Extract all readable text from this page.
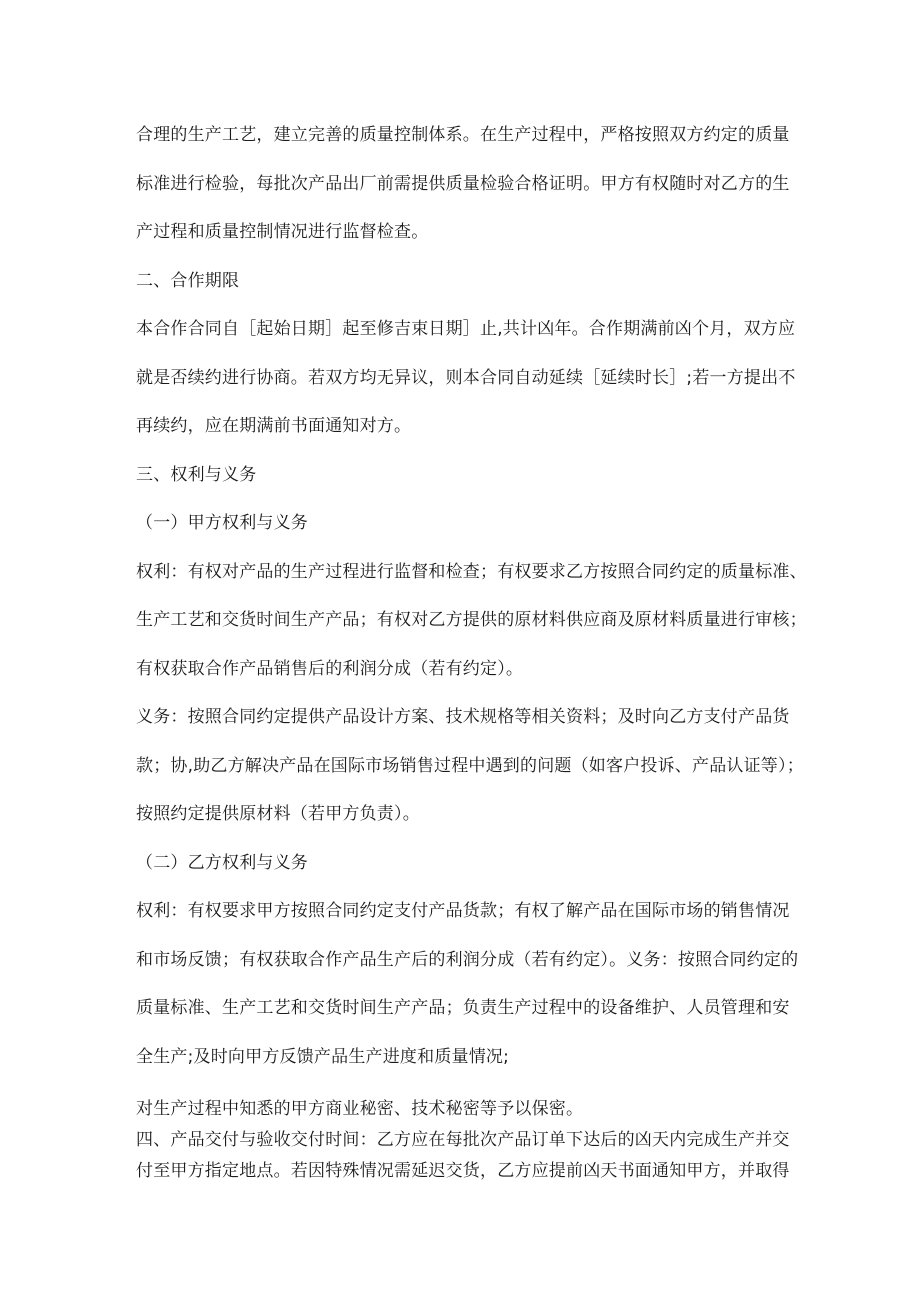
合理的生产工艺，建立完善的质量控制体系。在生产过程中，严格按照双方约定的质量
标准进行检验，每批次产品出厂前需提供质量检验合格证明。甲方有权随时对乙方的生
产过程和质量控制情况进行监督检查。
二、合作期限
本合作合同自［起始日期］起至修吉束日期］止,共计凶年。合作期满前凶个月，双方应
就是否续约进行协商。若双方均无异议，则本合同自动延续［延续时长］;若一方提出不
再续约，应在期满前书面通知对方。
三、权利与义务
（一）甲方权利与义务
权利：有权对产品的生产过程进行监督和检查；有权要求乙方按照合同约定的质量标准、
生产工艺和交货时间生产产品；有权对乙方提供的原材料供应商及原材料质量进行审核；
有权获取合作产品销售后的利润分成（若有约定）。
义务：按照合同约定提供产品设计方案、技术规格等相关资料；及时向乙方支付产品货
款；协,助乙方解决产品在国际市场销售过程中遇到的问题（如客户投诉、产品认证等）；
按照约定提供原材料（若甲方负责）。
（二）乙方权利与义务
权利：有权要求甲方按照合同约定支付产品货款；有权了解产品在国际市场的销售情况
和市场反馈；有权获取合作产品生产后的利润分成（若有约定）。义务：按照合同约定的
质量标准、生产工艺和交货时间生产产品；负责生产过程中的设备维护、人员管理和安
全生产;及时向甲方反馈产品生产进度和质量情况;
对生产过程中知悉的甲方商业秘密、技术秘密等予以保密。
四、产品交付与验收交付时间：乙方应在每批次产品订单下达后的凶天内完成生产并交
付至甲方指定地点。若因特殊情况需延迟交货，乙方应提前凶天书面通知甲方，并取得
